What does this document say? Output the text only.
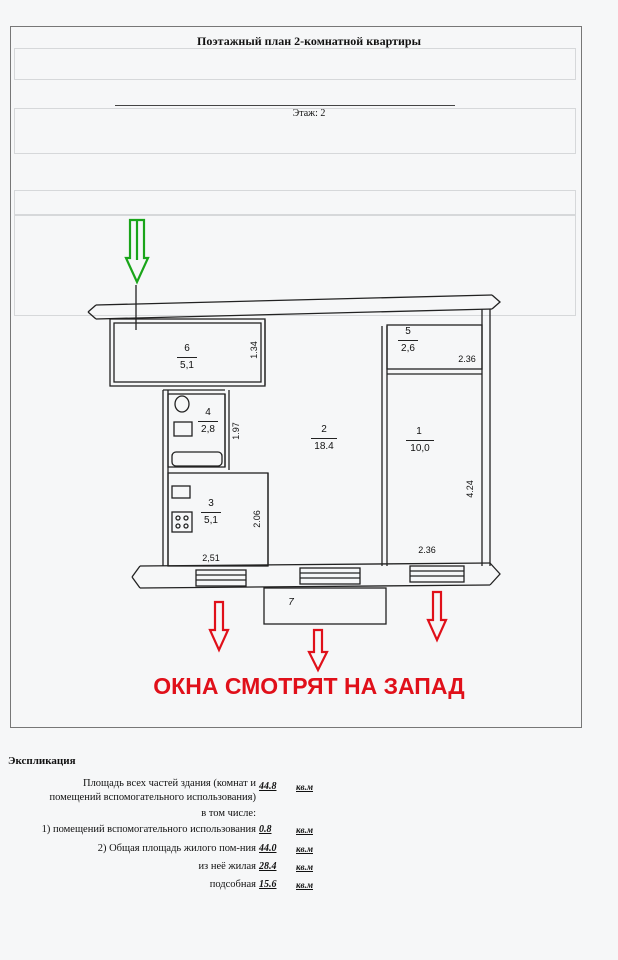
Поэтажный план 2-комнатной квартиры
Этаж: 2
6
5,1
4
2,8
3
5,1
2
18.4
5
2,6
1
10,0
7
1.34
1.97
2.06
2,51
2.36
4.24
2.36
ОКНА СМОТРЯТ НА ЗАПАД
Экспликация
Площадь всех частей здания (комнат и
помещений вспомогательного использования)
44.8 кв.м
в том числе:
1) помещений вспомогательного использования 0.8	кв.м
2) Общая площадь жилого пом-ния 44.0 кв.м
из неё жилая 28.4 кв.м
подсобная 15.6 кв.м
